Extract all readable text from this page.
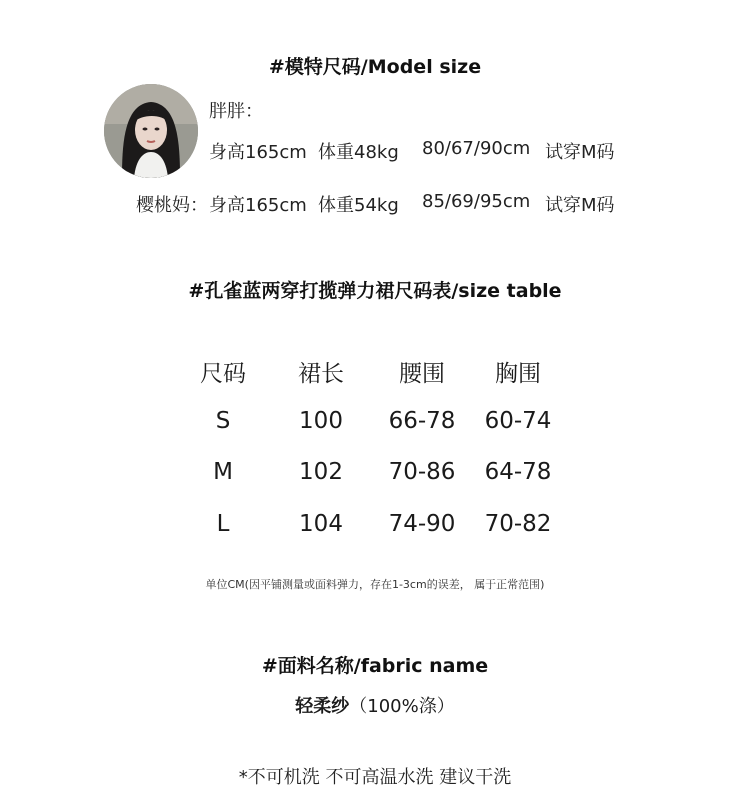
#模特尺码/Model size
胖胖：
身高165cm 体重48kg 80/67/90cm 试穿M码
樱桃妈： 身高165cm 体重54kg 85/69/95cm 试穿M码
#孔雀蓝两穿打揽弹力裙尺码表/size table
尺码	裙长	腰围	胸围
S	100	66-78	60-74
M	102	70-86	64-78
L	104	74-90	70-82
单位CM(因平铺测量或面料弹力，存在1-3cm的误差， 属于正常范围)
#面料名称/fabric name
轻柔纱（100%涤）
*不可机洗 不可高温水洗 建议干洗
